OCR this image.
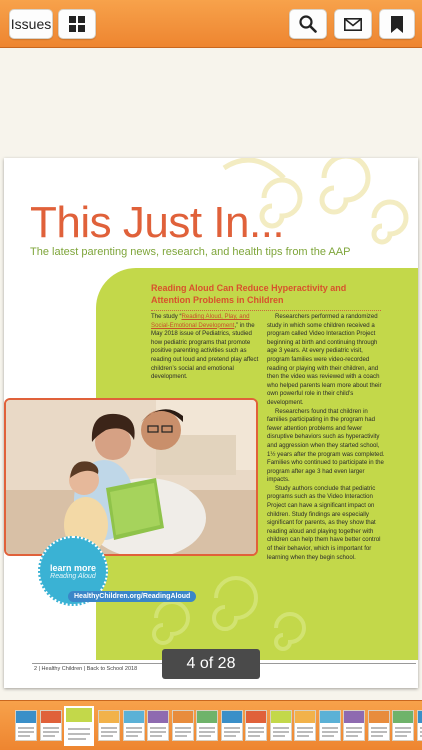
Issues
This Just In...
The latest parenting news, research, and health tips from the AAP
Reading Aloud Can Reduce Hyperactivity and Attention Problems in Children

The study “Reading Aloud, Play, and Social-Emotional Development,” in the May 2018 issue of Pediatrics, studied how pediatric programs that promote positive parenting activities such as reading out loud and pretend play affect children’s social and emotional development.

Researchers performed a randomized study in which some children received a program called Video Interaction Project beginning at birth and continuing through age 3 years. At every pediatric visit, program families were video-recorded reading or playing with their children, and then the video was reviewed with a coach who helped parents learn more about their own powerful role in their child’s development.

Researchers found that children in families participating in the program had fewer attention problems and fewer disruptive behaviors such as hyperactivity and aggression when they started school, 1½ years after the program was completed. Families who continued to participate in the program after age 3 had even larger impacts.

Study authors conclude that pediatric programs such as the Video Interaction Project can have a significant impact on children. Study findings are especially significant for parents, as they show that reading aloud and playing together with children can help them have better control of their behavior, which is important for learning when they begin school.

learn more
Reading Aloud
HealthyChildren.org/ReadingAloud
2 | Healthy Children | Back to School 2018	4 of 28
